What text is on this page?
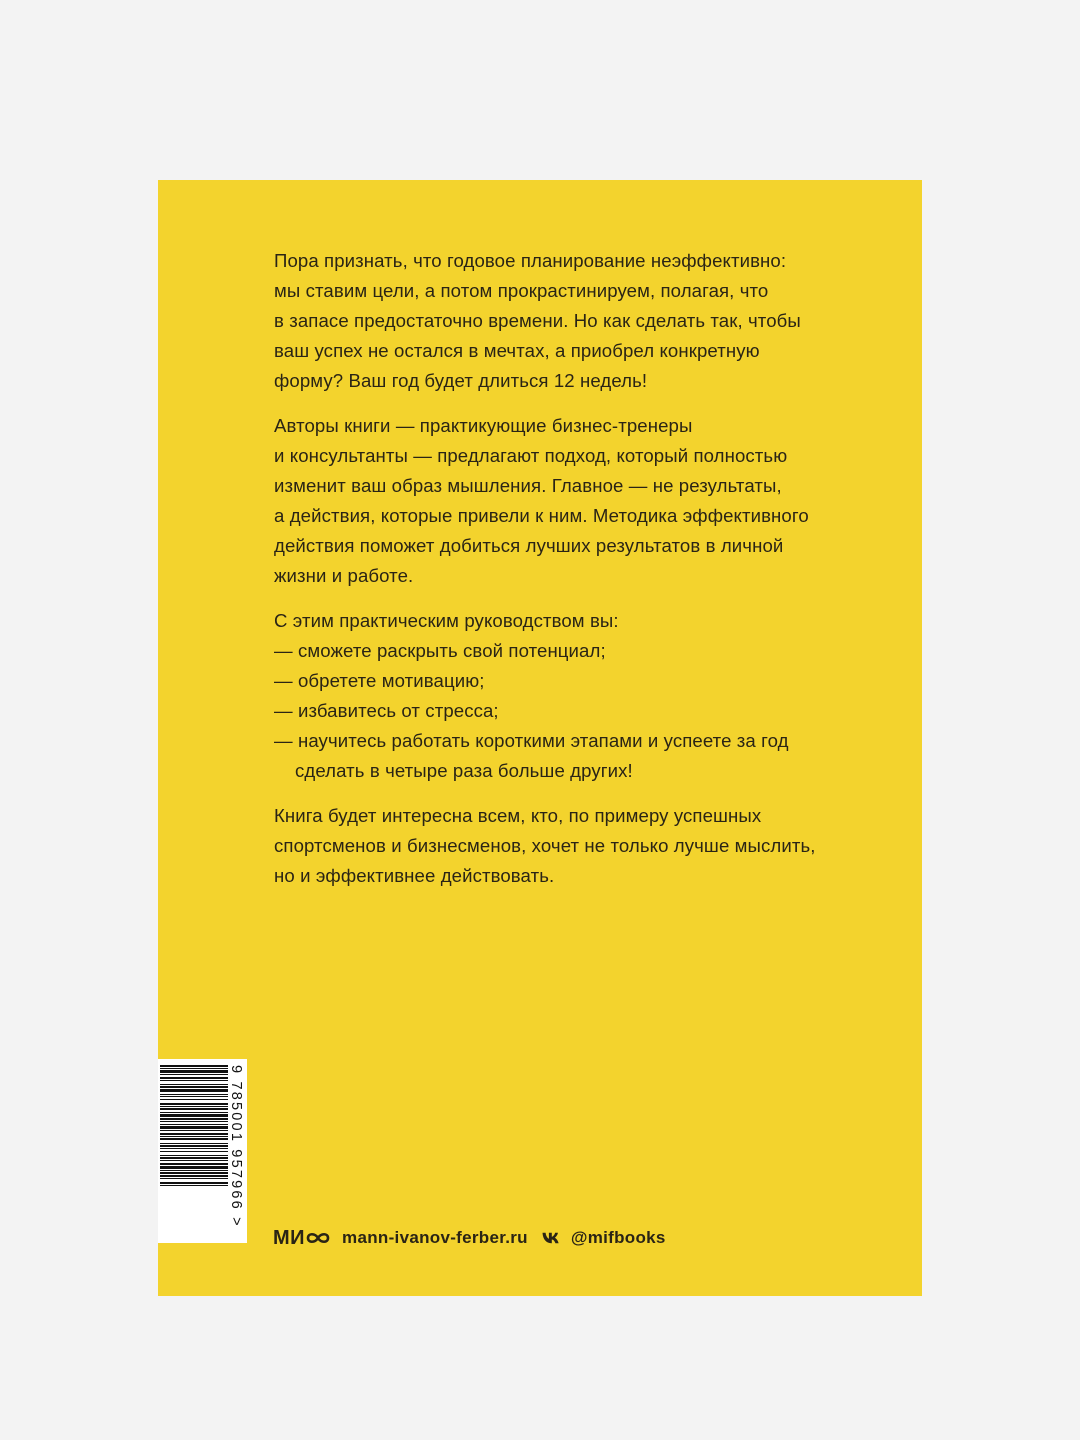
Пора признать, что годовое планирование неэффективно:
мы ставим цели, а потом прокрастинируем, полагая, что
в запасе предостаточно времени. Но как сделать так, чтобы
ваш успех не остался в мечтах, а приобрел конкретную
форму? Ваш год будет длиться 12 недель!

Авторы книги — практикующие бизнес-тренеры
и консультанты — предлагают подход, который полностью
изменит ваш образ мышления. Главное — не результаты,
а действия, которые привели к ним. Методика эффективного
действия поможет добиться лучших результатов в личной
жизни и работе.

С этим практическим руководством вы:
— сможете раскрыть свой потенциал;
— обретете мотивацию;
— избавитесь от стресса;
— научитесь работать короткими этапами и успеете за год
сделать в четыре раза больше других!

Книга будет интересна всем, кто, по примеру успешных
спортсменов и бизнесменов, хочет не только лучше мыслить,
но и эффективнее действовать.

9 785001 957966 >
МИ mann-ivanov-ferber.ru	@mifbooks
